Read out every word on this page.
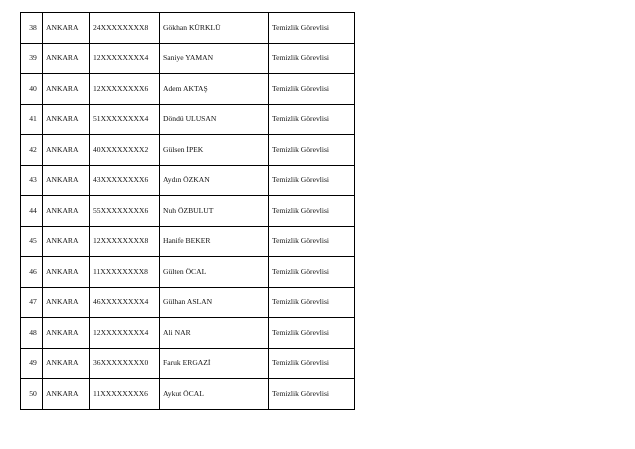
38	ANKARA	24XXXXXXXX8	Gökhan KÜRKLÜ	Temizlik Görevlisi
39	ANKARA	12XXXXXXXX4	Saniye YAMAN	Temizlik Görevlisi
40	ANKARA	12XXXXXXXX6	Adem AKTAŞ	Temizlik Görevlisi
41	ANKARA	51XXXXXXXX4	Döndü ULUSAN	Temizlik Görevlisi
42	ANKARA	40XXXXXXXX2	Gülsen İPEK	Temizlik Görevlisi
43	ANKARA	43XXXXXXXX6	Aydın ÖZKAN	Temizlik Görevlisi
44	ANKARA	55XXXXXXXX6	Nuh ÖZBULUT	Temizlik Görevlisi
45	ANKARA	12XXXXXXXX8	Hanife BEKER	Temizlik Görevlisi
46	ANKARA	11XXXXXXXX8	Gülten ÖCAL	Temizlik Görevlisi
47	ANKARA	46XXXXXXXX4	Gülhan ASLAN	Temizlik Görevlisi
48	ANKARA	12XXXXXXXX4	Ali NAR	Temizlik Görevlisi
49	ANKARA	36XXXXXXXX0	Faruk ERGAZİ	Temizlik Görevlisi
50	ANKARA	11XXXXXXXX6	Aykut ÖCAL	Temizlik Görevlisi
